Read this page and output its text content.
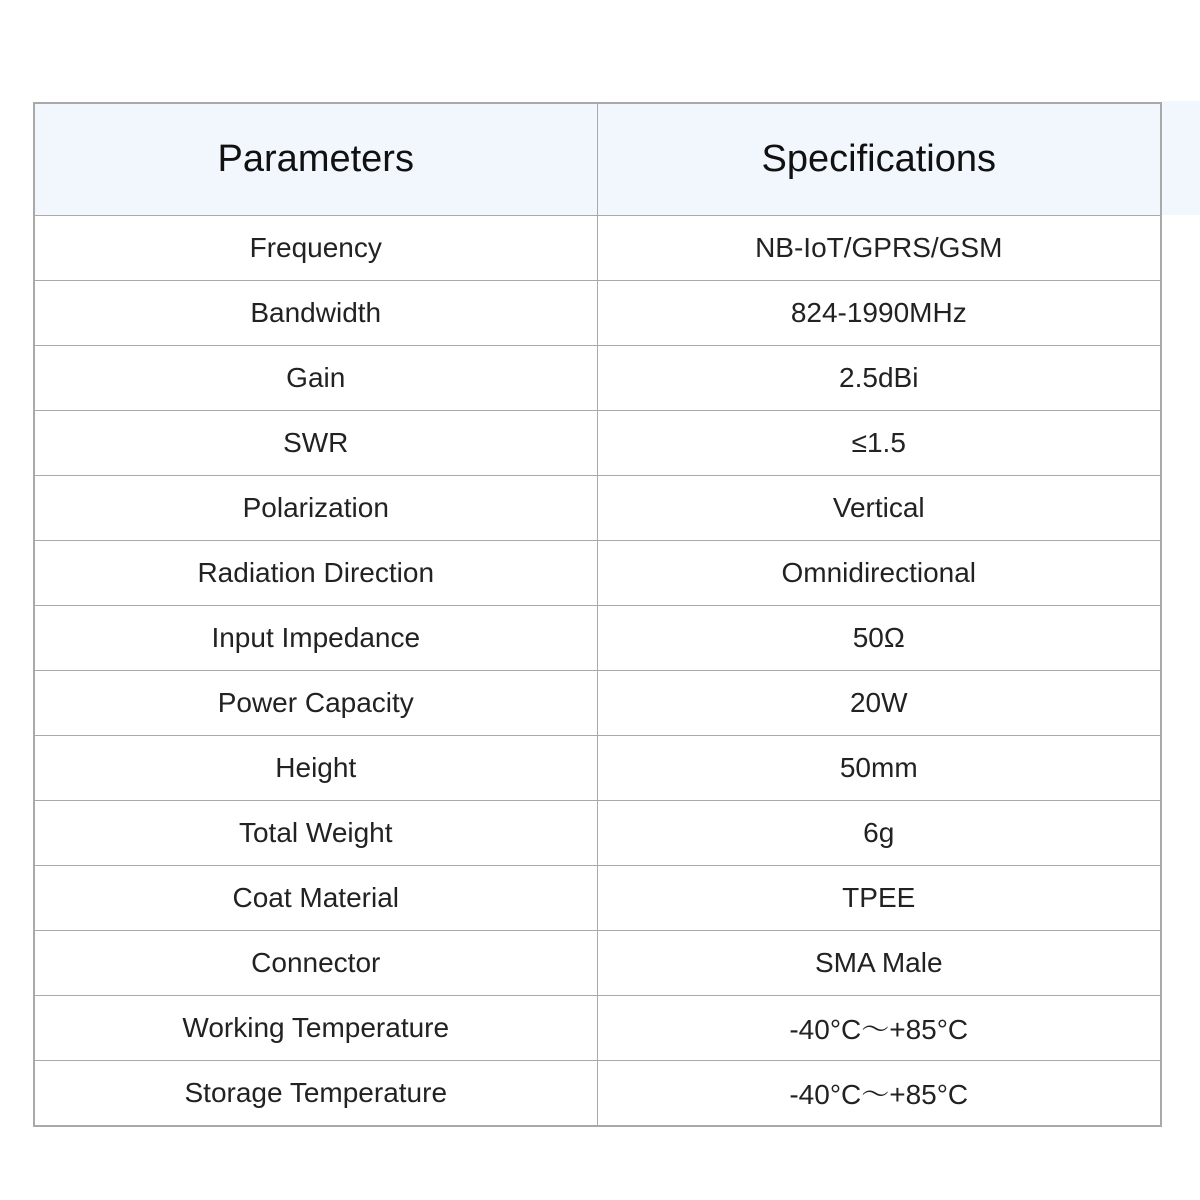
Parameters	Specifications
Frequency	NB-IoT/GPRS/GSM
Bandwidth	824-1990MHz
Gain	2.5dBi
SWR	≤1.5
Polarization	Vertical
Radiation Direction	Omnidirectional
Input Impedance	50Ω
Power Capacity	20W
Height	50mm
Total Weight	6g
Coat Material	TPEE
Connector	SMA Male
Working Temperature	-40°C～+85°C
Storage Temperature	-40°C～+85°C
